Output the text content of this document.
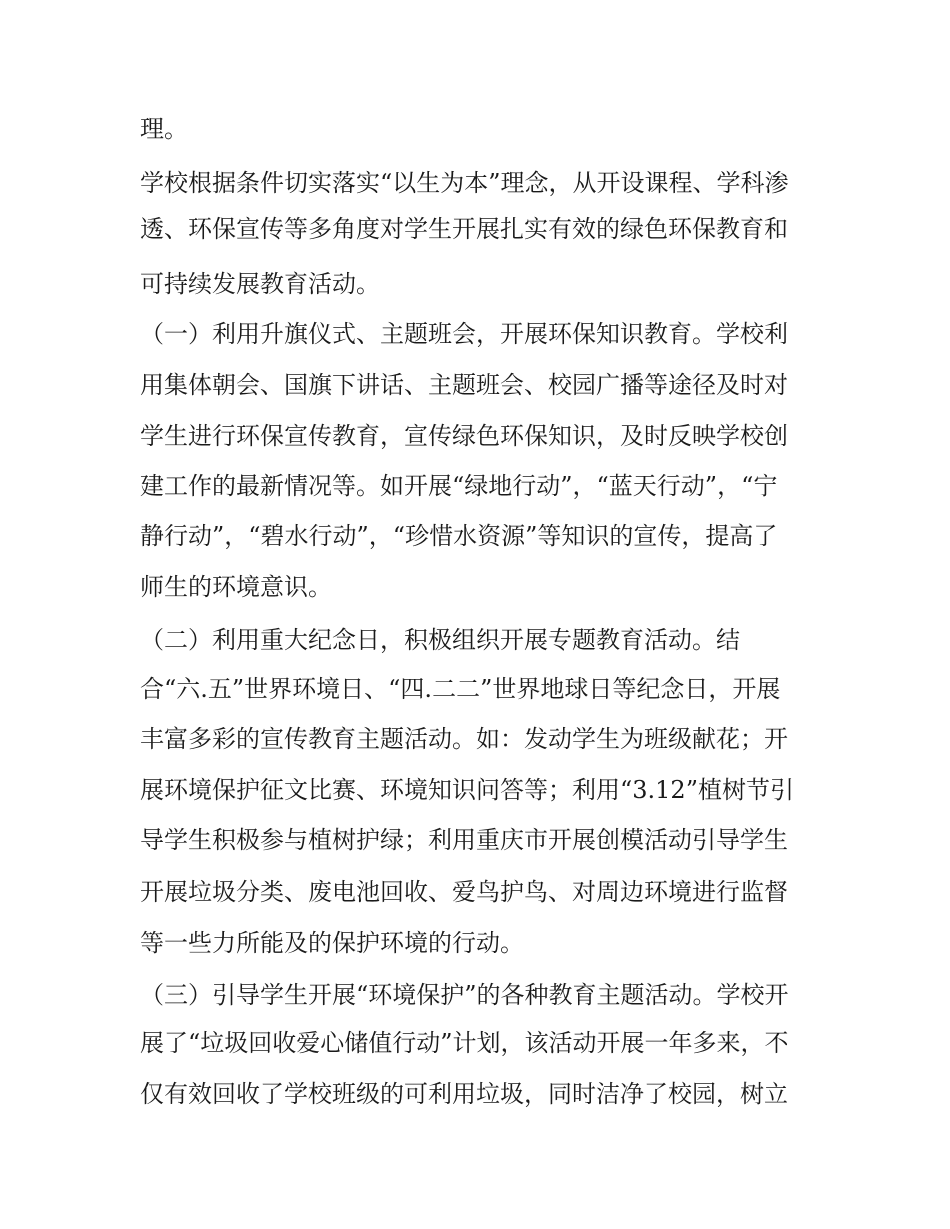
理。
学校根据条件切实落实“以生为本”理念，从开设课程、学科渗
透、环保宣传等多角度对学生开展扎实有效的绿色环保教育和
可持续发展教育活动。
（一）利用升旗仪式、主题班会，开展环保知识教育。学校利
用集体朝会、国旗下讲话、主题班会、校园广播等途径及时对
学生进行环保宣传教育，宣传绿色环保知识，及时反映学校创
建工作的最新情况等。如开展“绿地行动”，“蓝天行动”，“宁
静行动”，“碧水行动”，“珍惜水资源”等知识的宣传，提高了
师生的环境意识。
（二）利用重大纪念日，积极组织开展专题教育活动。结
合“六.五”世界环境日、“四.二二”世界地球日等纪念日，开展
丰富多彩的宣传教育主题活动。如：发动学生为班级献花；开
展环境保护征文比赛、环境知识问答等；利用“3.12”植树节引
导学生积极参与植树护绿；利用重庆市开展创模活动引导学生
开展垃圾分类、废电池回收、爱鸟护鸟、对周边环境进行监督
等一些力所能及的保护环境的行动。
（三）引导学生开展“环境保护”的各种教育主题活动。学校开
展了“垃圾回收爱心储值行动”计划，该活动开展一年多来，不
仅有效回收了学校班级的可利用垃圾，同时洁净了校园，树立
